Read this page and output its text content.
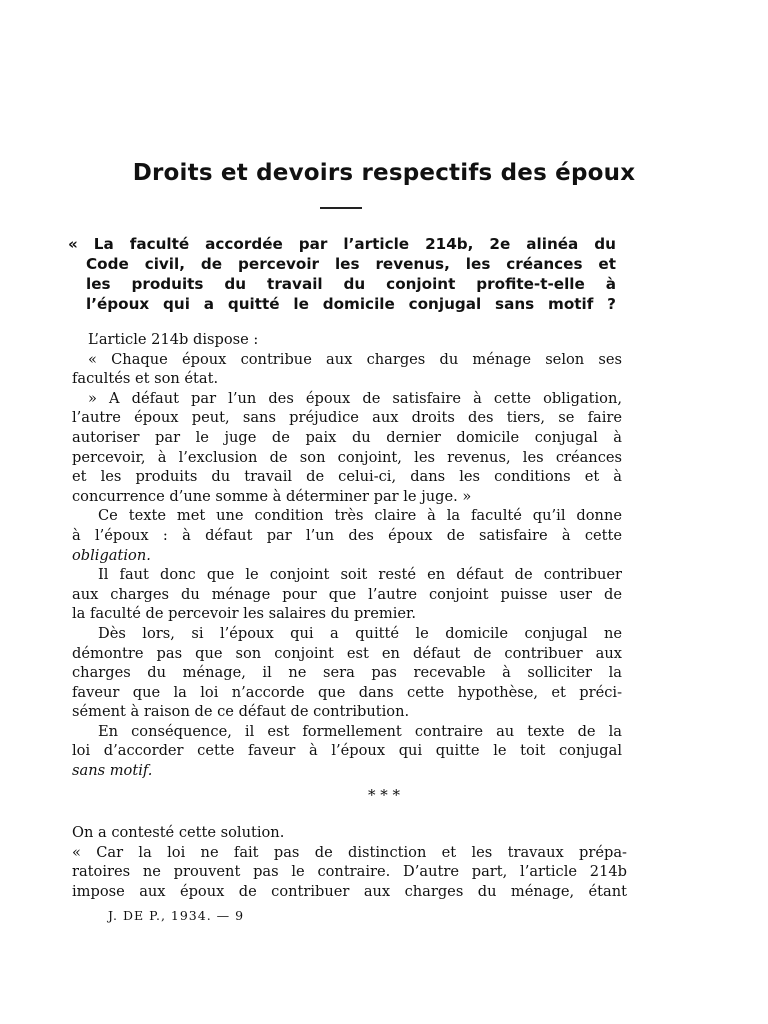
Droits et devoirs respectifs des époux
« La faculté accordée par l’article 214b, 2e alinéa du
Code civil, de percevoir les revenus, les créances et
les produits du travail du conjoint profite-t-elle à
l’époux qui a quitté le domicile conjugal sans motif ?
L’article 214b dispose :
« Chaque époux contribue aux charges du ménage selon ses
facultés et son état.
» A défaut par l’un des époux de satisfaire à cette obligation,
l’autre époux peut, sans préjudice aux droits des tiers, se faire
autoriser par le juge de paix du dernier domicile conjugal à
percevoir, à l’exclusion de son conjoint, les revenus, les créances
et les produits du travail de celui-ci, dans les conditions et à
concurrence d’une somme à déterminer par le juge. »
Ce texte met une condition très claire à la faculté qu’il donne
à l’époux : à défaut par l’un des époux de satisfaire à cette
obligation.
Il faut donc que le conjoint soit resté en défaut de contribuer
aux charges du ménage pour que l’autre conjoint puisse user de
la faculté de percevoir les salaires du premier.
Dès lors, si l’époux qui a quitté le domicile conjugal ne
démontre pas que son conjoint est en défaut de contribuer aux
charges du ménage, il ne sera pas recevable à solliciter la
faveur que la loi n’accorde que dans cette hypothèse, et préci-
sément à raison de ce défaut de contribution.
En conséquence, il est formellement contraire au texte de la
loi d’accorder cette faveur à l’époux qui quitte le toit conjugal
sans motif.
* * *
On a contesté cette solution.
« Car la loi ne fait pas de distinction et les travaux prépa-
ratoires ne prouvent pas le contraire. D’autre part, l’article 214b
impose aux époux de contribuer aux charges du ménage, étant
J. DE P., 1934. — 9
